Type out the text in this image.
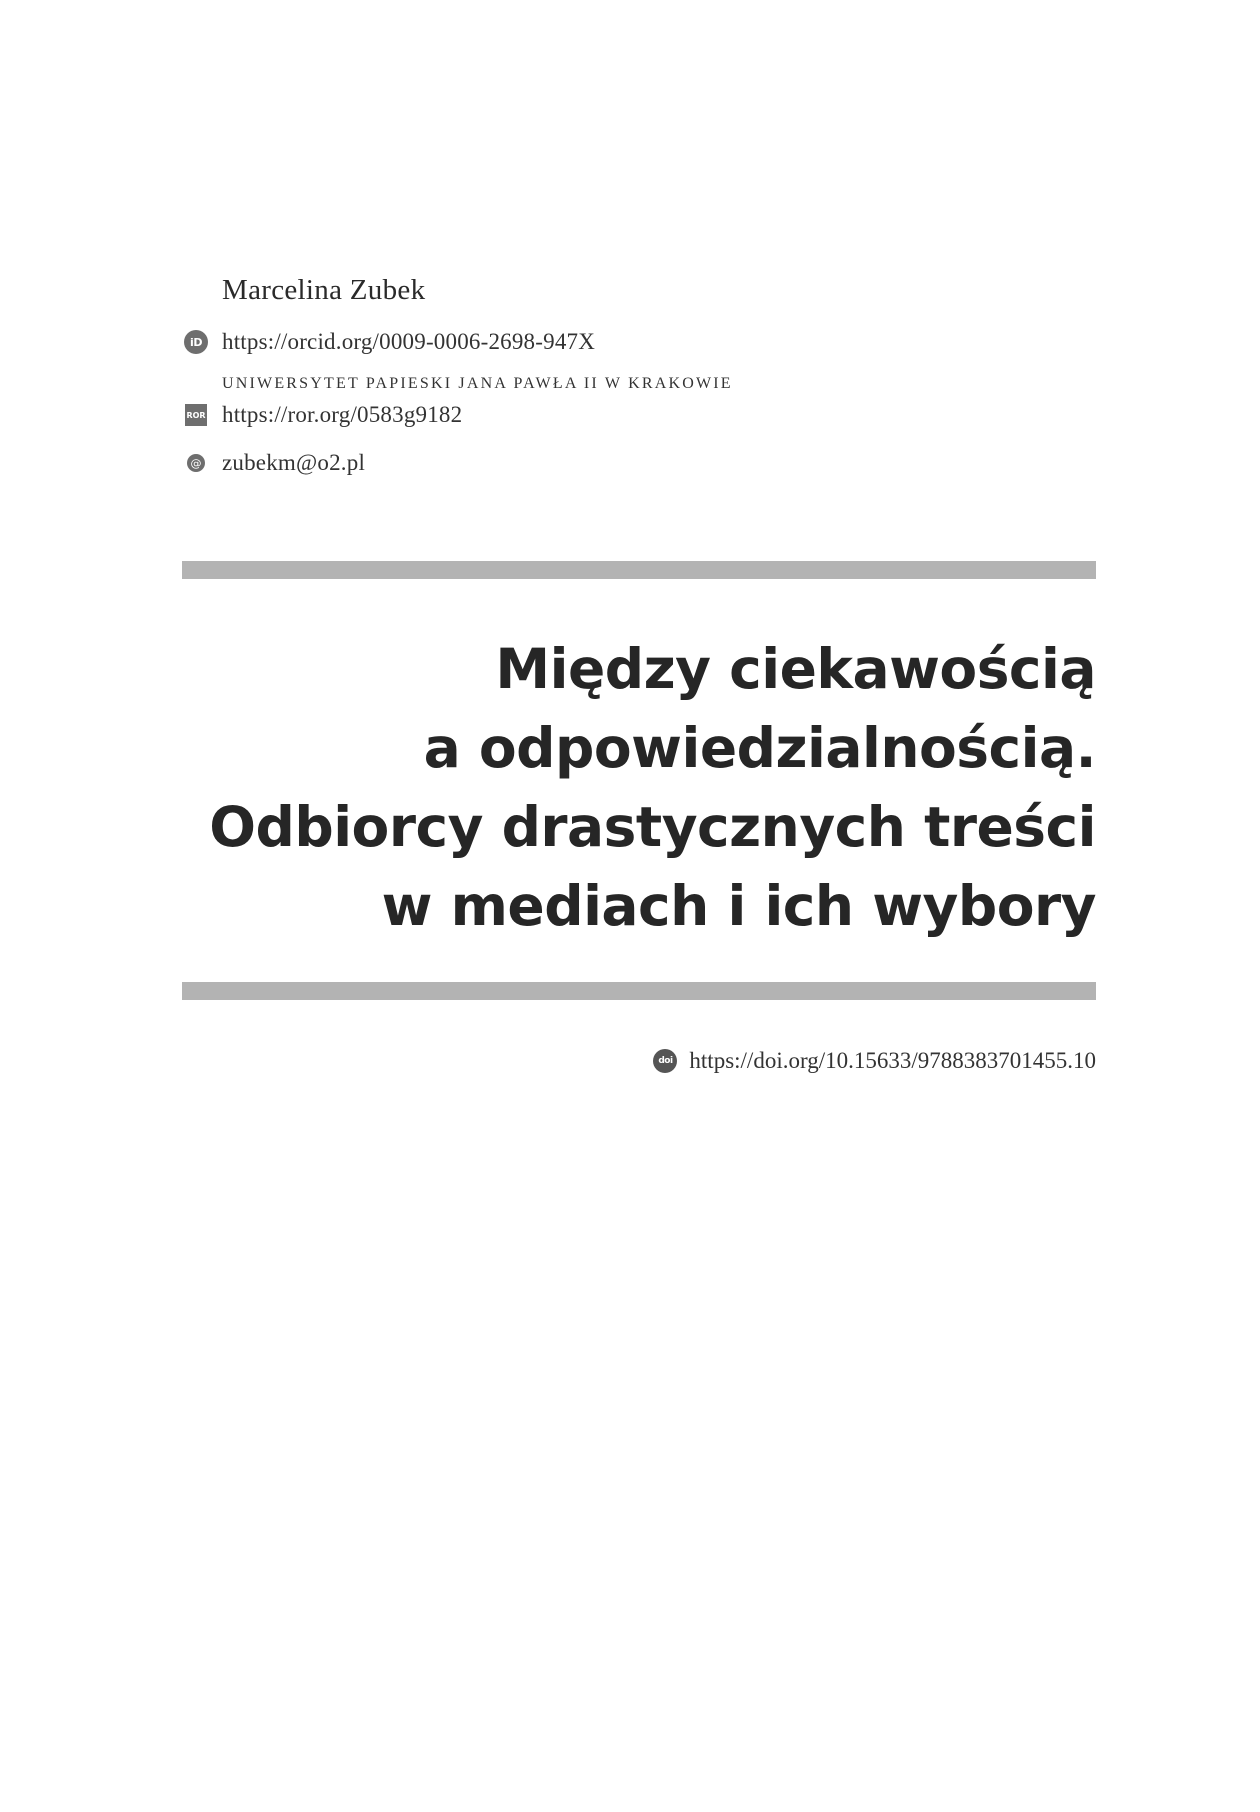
Marcelina Zubek
iD https://orcid.org/0009-0006-2698-947X
UNIWERSYTET PAPIESKI JANA PAWŁA II W KRAKOWIE
ROR https://ror.org/0583g9182
@ zubekm@o2.pl
Między ciekawością
a odpowiedzialnością.
Odbiorcy drastycznych treści
w mediach i ich wybory
doi https://doi.org/10.15633/9788383701455.10
